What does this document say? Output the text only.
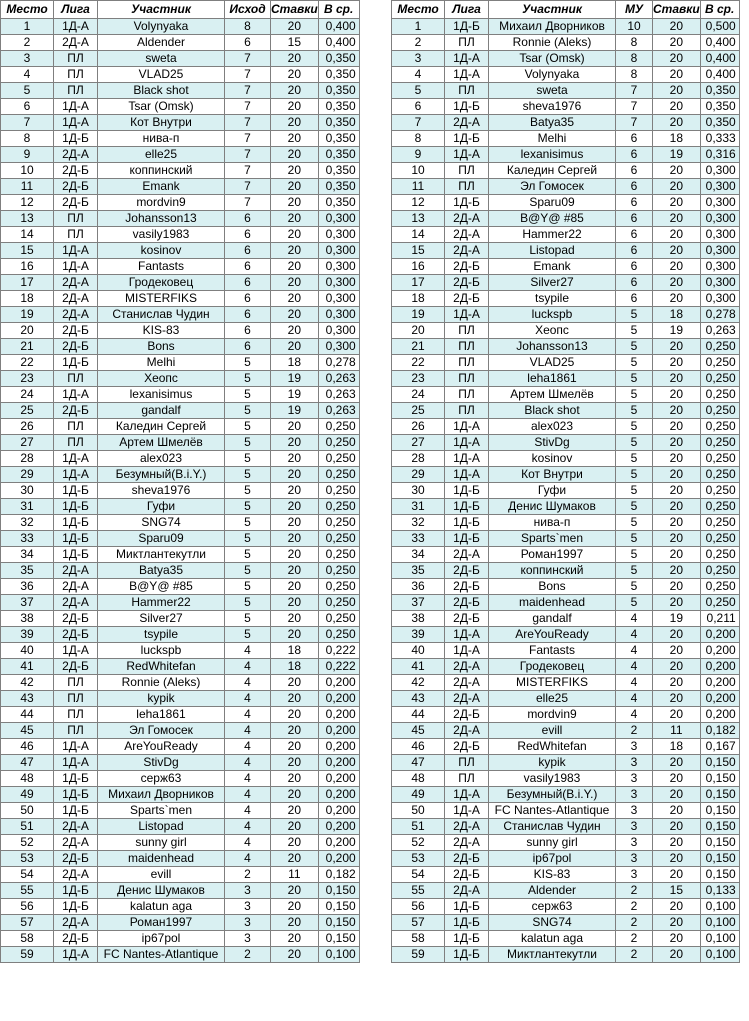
Место	Лига	Участник	Исход	Ставки	В ср.
1	1Д-А	Volynyaka	8	20	0,400
2	2Д-А	Aldender	6	15	0,400
3	ПЛ	sweta	7	20	0,350
4	ПЛ	VLAD25	7	20	0,350
5	ПЛ	Black shot	7	20	0,350
6	1Д-А	Tsar (Omsk)	7	20	0,350
7	1Д-А	Кот Внутри	7	20	0,350
8	1Д-Б	нива-п	7	20	0,350
9	2Д-А	elle25	7	20	0,350
10	2Д-Б	коппинский	7	20	0,350
11	2Д-Б	Emank	7	20	0,350
12	2Д-Б	mordvin9	7	20	0,350
13	ПЛ	Johansson13	6	20	0,300
14	ПЛ	vasily1983	6	20	0,300
15	1Д-А	kosinov	6	20	0,300
16	1Д-А	Fantasts	6	20	0,300
17	2Д-А	Гродековец	6	20	0,300
18	2Д-А	MISTERFIKS	6	20	0,300
19	2Д-А	Станислав Чудин	6	20	0,300
20	2Д-Б	KIS-83	6	20	0,300
21	2Д-Б	Bons	6	20	0,300
22	1Д-Б	Melhi	5	18	0,278
23	ПЛ	Хеопс	5	19	0,263
24	1Д-А	lexanisimus	5	19	0,263
25	2Д-Б	gandalf	5	19	0,263
26	ПЛ	Каледин Сергей	5	20	0,250
27	ПЛ	Артем Шмелёв	5	20	0,250
28	1Д-А	alex023	5	20	0,250
29	1Д-А	Безумный(B.i.Y.)	5	20	0,250
30	1Д-Б	sheva1976	5	20	0,250
31	1Д-Б	Гуфи	5	20	0,250
32	1Д-Б	SNG74	5	20	0,250
33	1Д-Б	Sparu09	5	20	0,250
34	1Д-Б	Миктлантекутли	5	20	0,250
35	2Д-А	Batya35	5	20	0,250
36	2Д-А	B@Y@ #85	5	20	0,250
37	2Д-А	Hammer22	5	20	0,250
38	2Д-Б	Silver27	5	20	0,250
39	2Д-Б	tsypile	5	20	0,250
40	1Д-А	luckspb	4	18	0,222
41	2Д-Б	RedWhitefan	4	18	0,222
42	ПЛ	Ronnie (Aleks)	4	20	0,200
43	ПЛ	kypik	4	20	0,200
44	ПЛ	leha1861	4	20	0,200
45	ПЛ	Эл Гомосек	4	20	0,200
46	1Д-А	AreYouReady	4	20	0,200
47	1Д-А	StivDg	4	20	0,200
48	1Д-Б	серж63	4	20	0,200
49	1Д-Б	Михаил Дворников	4	20	0,200
50	1Д-Б	Sparts`men	4	20	0,200
51	2Д-А	Listopad	4	20	0,200
52	2Д-А	sunny girl	4	20	0,200
53	2Д-Б	maidenhead	4	20	0,200
54	2Д-А	evill	2	11	0,182
55	1Д-Б	Денис Шумаков	3	20	0,150
56	1Д-Б	kalatun aga	3	20	0,150
57	2Д-А	Роман1997	3	20	0,150
58	2Д-Б	ip67pol	3	20	0,150
59	1Д-А	FC Nantes-Atlantique	2	20	0,100
Место	Лига	Участник	МУ	Ставки	В ср.
1	1Д-Б	Михаил Дворников	10	20	0,500
2	ПЛ	Ronnie (Aleks)	8	20	0,400
3	1Д-А	Tsar (Omsk)	8	20	0,400
4	1Д-А	Volynyaka	8	20	0,400
5	ПЛ	sweta	7	20	0,350
6	1Д-Б	sheva1976	7	20	0,350
7	2Д-А	Batya35	7	20	0,350
8	1Д-Б	Melhi	6	18	0,333
9	1Д-А	lexanisimus	6	19	0,316
10	ПЛ	Каледин Сергей	6	20	0,300
11	ПЛ	Эл Гомосек	6	20	0,300
12	1Д-Б	Sparu09	6	20	0,300
13	2Д-А	B@Y@ #85	6	20	0,300
14	2Д-А	Hammer22	6	20	0,300
15	2Д-А	Listopad	6	20	0,300
16	2Д-Б	Emank	6	20	0,300
17	2Д-Б	Silver27	6	20	0,300
18	2Д-Б	tsypile	6	20	0,300
19	1Д-А	luckspb	5	18	0,278
20	ПЛ	Хеопс	5	19	0,263
21	ПЛ	Johansson13	5	20	0,250
22	ПЛ	VLAD25	5	20	0,250
23	ПЛ	leha1861	5	20	0,250
24	ПЛ	Артем Шмелёв	5	20	0,250
25	ПЛ	Black shot	5	20	0,250
26	1Д-А	alex023	5	20	0,250
27	1Д-А	StivDg	5	20	0,250
28	1Д-А	kosinov	5	20	0,250
29	1Д-А	Кот Внутри	5	20	0,250
30	1Д-Б	Гуфи	5	20	0,250
31	1Д-Б	Денис Шумаков	5	20	0,250
32	1Д-Б	нива-п	5	20	0,250
33	1Д-Б	Sparts`men	5	20	0,250
34	2Д-А	Роман1997	5	20	0,250
35	2Д-Б	коппинский	5	20	0,250
36	2Д-Б	Bons	5	20	0,250
37	2Д-Б	maidenhead	5	20	0,250
38	2Д-Б	gandalf	4	19	0,211
39	1Д-А	AreYouReady	4	20	0,200
40	1Д-А	Fantasts	4	20	0,200
41	2Д-А	Гродековец	4	20	0,200
42	2Д-А	MISTERFIKS	4	20	0,200
43	2Д-А	elle25	4	20	0,200
44	2Д-Б	mordvin9	4	20	0,200
45	2Д-А	evill	2	11	0,182
46	2Д-Б	RedWhitefan	3	18	0,167
47	ПЛ	kypik	3	20	0,150
48	ПЛ	vasily1983	3	20	0,150
49	1Д-А	Безумный(B.i.Y.)	3	20	0,150
50	1Д-А	FC Nantes-Atlantique	3	20	0,150
51	2Д-А	Станислав Чудин	3	20	0,150
52	2Д-А	sunny girl	3	20	0,150
53	2Д-Б	ip67pol	3	20	0,150
54	2Д-Б	KIS-83	3	20	0,150
55	2Д-А	Aldender	2	15	0,133
56	1Д-Б	серж63	2	20	0,100
57	1Д-Б	SNG74	2	20	0,100
58	1Д-Б	kalatun aga	2	20	0,100
59	1Д-Б	Миктлантекутли	2	20	0,100
